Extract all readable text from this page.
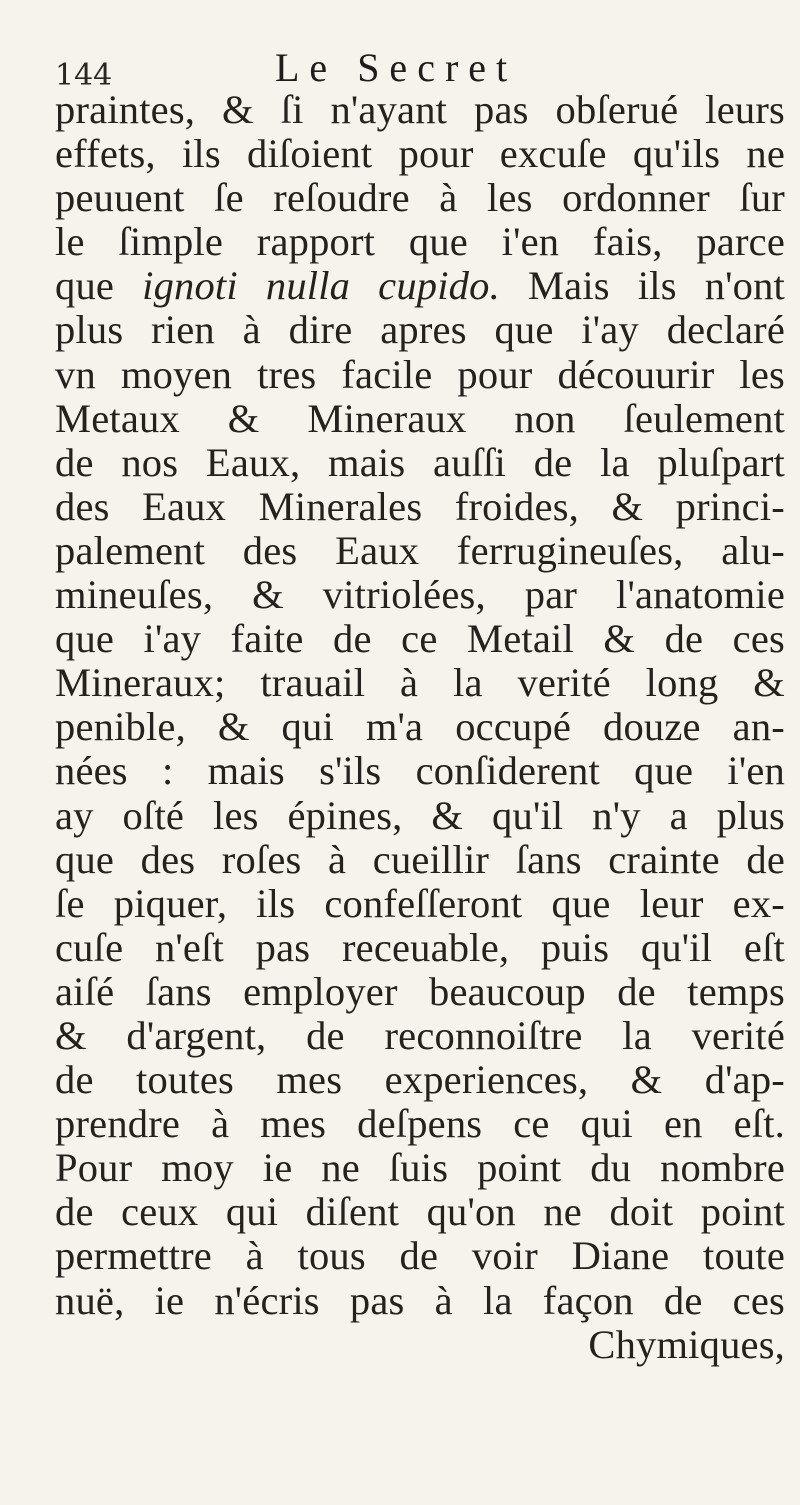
144	Le Secret
praintes, & ſi n'ayant pas obſerué leurs
effets, ils diſoient pour excuſe qu'ils ne
peuuent ſe reſoudre à les ordonner ſur
le ſimple rapport que i'en fais, parce
que ignoti nulla cupido. Mais ils n'ont
plus rien à dire apres que i'ay declaré
vn moyen tres facile pour découurir les
Metaux & Mineraux non ſeulement
de nos Eaux, mais auſſi de la pluſpart
des Eaux Minerales froides, & princi-
palement des Eaux ferrugineuſes, alu-
mineuſes, & vitriolées, par l'anatomie
que i'ay faite de ce Metail & de ces
Mineraux; trauail à la verité long &
penible, & qui m'a occupé douze an-
nées : mais s'ils conſiderent que i'en
ay oſté les épines, & qu'il n'y a plus
que des roſes à cueillir ſans crainte de
ſe piquer, ils confeſſeront que leur ex-
cuſe n'eſt pas receuable, puis qu'il eſt
aiſé ſans employer beaucoup de temps
& d'argent, de reconnoiſtre la verité
de toutes mes experiences, & d'ap-
prendre à mes deſpens ce qui en eſt.
Pour moy ie ne ſuis point du nombre
de ceux qui diſent qu'on ne doit point
permettre à tous de voir Diane toute
nuë, ie n'écris pas à la façon de ces
Chymiques,
